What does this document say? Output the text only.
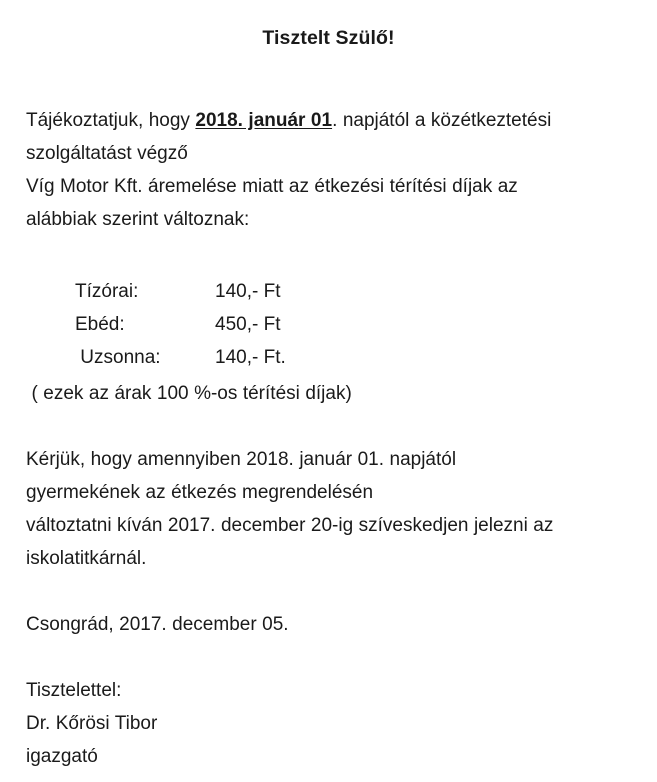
Tisztelt Szülő!
Tájékoztatjuk, hogy 2018. január 01. napjától a közétkeztetési
szolgáltatást végző
Víg Motor Kft. áremelése miatt az étkezési térítési díjak az
alábbiak szerint változnak:
Tízórai:	140,- Ft
Ebéd:	450,- Ft
Uzsonna:	140,- Ft.
( ezek az árak 100 %-os térítési díjak)
Kérjük, hogy amennyiben 2018. január 01. napjától
gyermekének az étkezés megrendelésén
változtatni kíván 2017. december 20-ig szíveskedjen jelezni az
iskolatitkárnál.
Csongrád, 2017. december 05.
Tisztelettel:
Dr. Kőrösi Tibor
igazgató
